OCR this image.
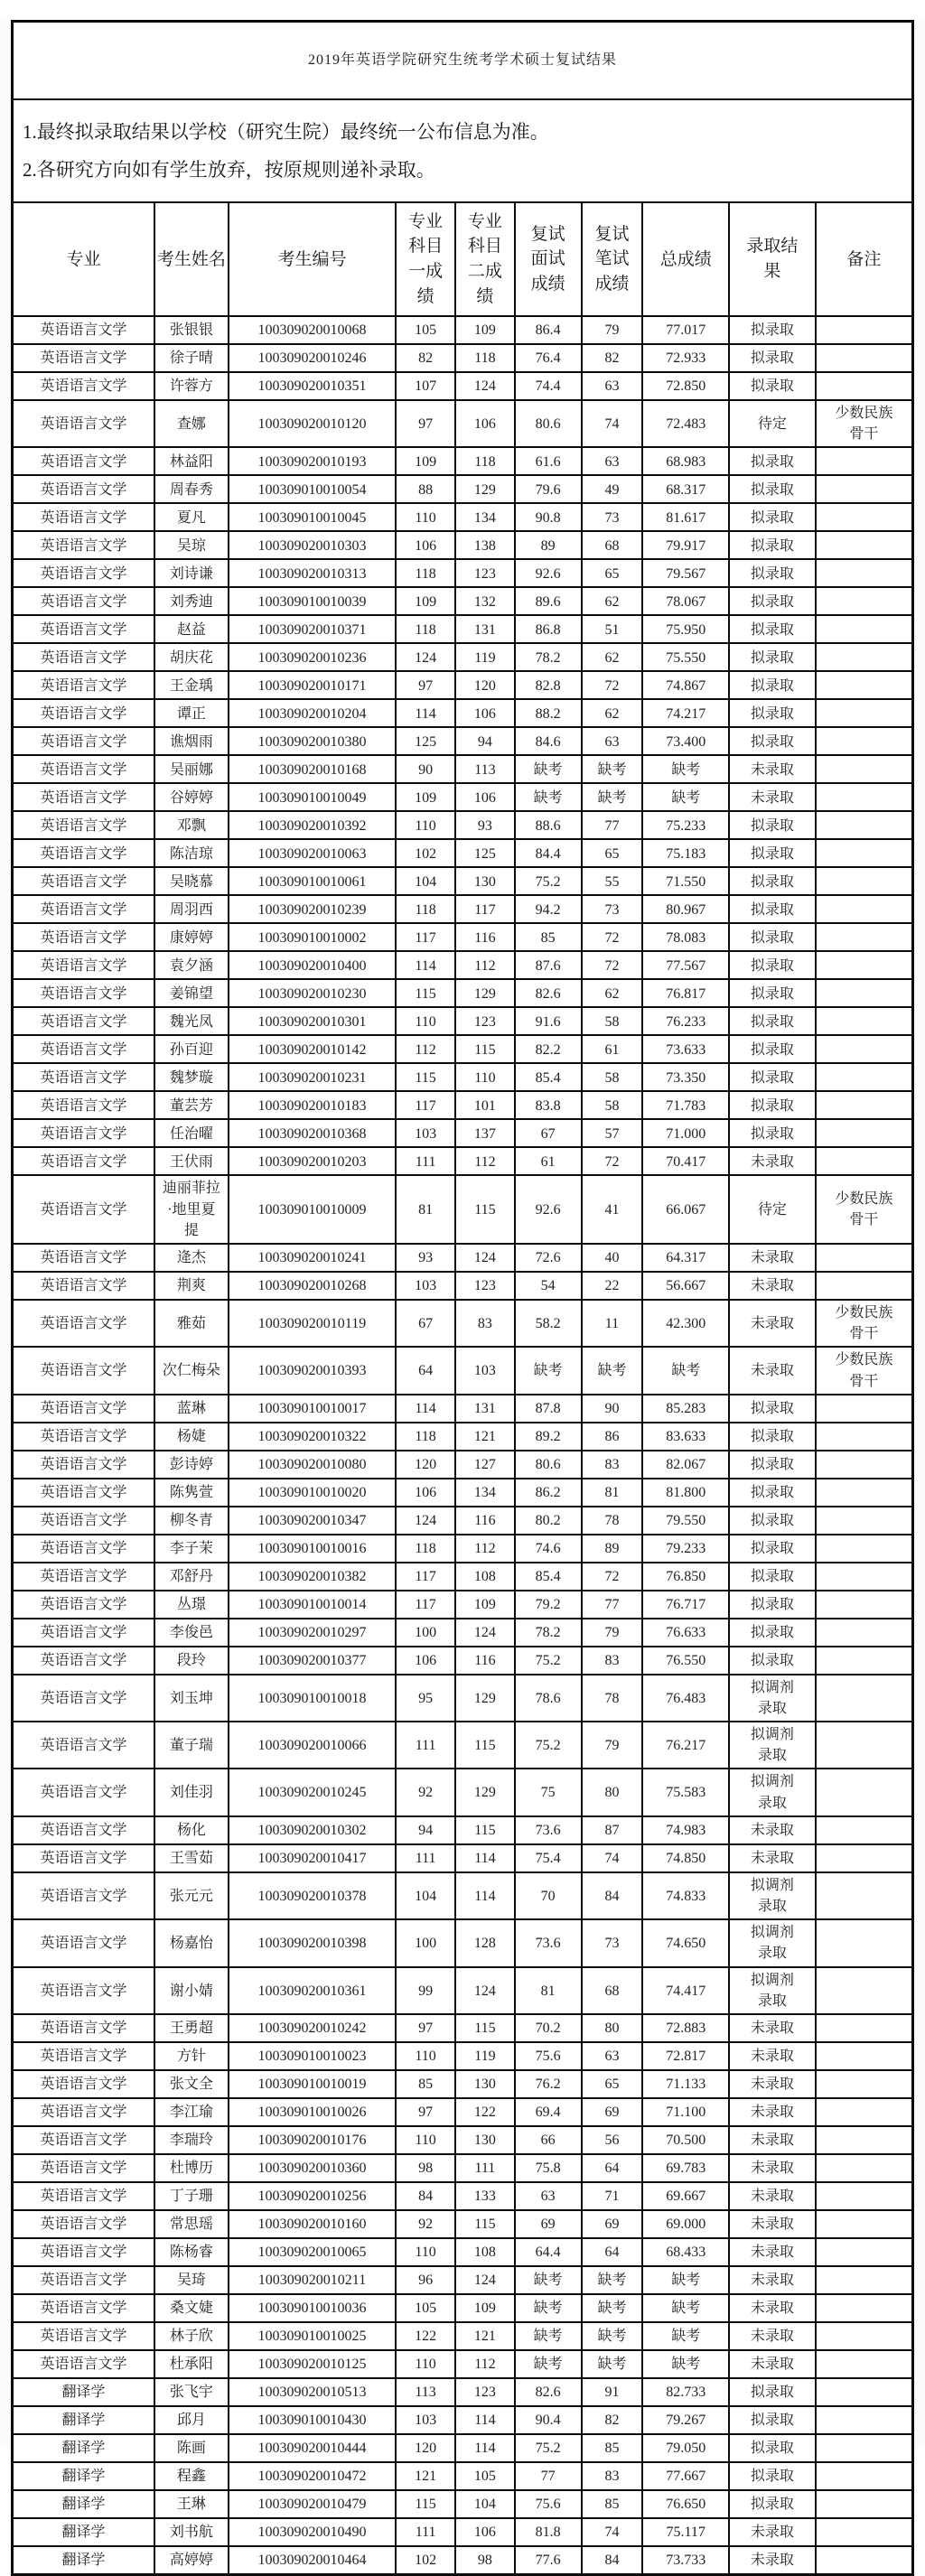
2019年英语学院研究生统考学术硕士复试结果									

1.最终拟录取结果以学校（研究生院）最终统一公布信息为准。
2.各研究方向如有学生放弃，按原规则递补录取。									

专业	考生姓名	考生编号	专业科目一成绩	专业科目二成绩	复试面试成绩	复试笔试成绩	总成绩	录取结果	备注
英语语言文学	张银银	100309020010068	105	109	86.4	79	77.017	拟录取	
英语语言文学	徐子晴	100309020010246	82	118	76.4	82	72.933	拟录取	
英语语言文学	许蓉方	100309020010351	107	124	74.4	63	72.850	拟录取	
英语语言文学	查娜	100309020010120	97	106	80.6	74	72.483	待定	少数民族骨干
英语语言文学	林益阳	100309020010193	109	118	61.6	63	68.983	拟录取	
英语语言文学	周春秀	100309010010054	88	129	79.6	49	68.317	拟录取	
英语语言文学	夏凡	100309010010045	110	134	90.8	73	81.617	拟录取	
英语语言文学	吴琼	100309020010303	106	138	89	68	79.917	拟录取	
英语语言文学	刘诗谦	100309020010313	118	123	92.6	65	79.567	拟录取	
英语语言文学	刘秀迪	100309010010039	109	132	89.6	62	78.067	拟录取	
英语语言文学	赵益	100309020010371	118	131	86.8	51	75.950	拟录取	
英语语言文学	胡庆花	100309020010236	124	119	78.2	62	75.550	拟录取	
英语语言文学	王金瑀	100309020010171	97	120	82.8	72	74.867	拟录取	
英语语言文学	谭正	100309020010204	114	106	88.2	62	74.217	拟录取	
英语语言文学	谯烟雨	100309020010380	125	94	84.6	63	73.400	拟录取	
英语语言文学	吴丽娜	100309020010168	90	113	缺考	缺考	缺考	未录取	
英语语言文学	谷婷婷	100309010010049	109	106	缺考	缺考	缺考	未录取	
英语语言文学	邓飘	100309020010392	110	93	88.6	77	75.233	拟录取	
英语语言文学	陈洁琼	100309020010063	102	125	84.4	65	75.183	拟录取	
英语语言文学	吴晓慕	100309010010061	104	130	75.2	55	71.550	拟录取	
英语语言文学	周羽西	100309020010239	118	117	94.2	73	80.967	拟录取	
英语语言文学	康婷婷	100309010010002	117	116	85	72	78.083	拟录取	
英语语言文学	袁夕涵	100309020010400	114	112	87.6	72	77.567	拟录取	
英语语言文学	姜锦望	100309020010230	115	129	82.6	62	76.817	拟录取	
英语语言文学	魏光凤	100309020010301	110	123	91.6	58	76.233	拟录取	
英语语言文学	孙百迎	100309020010142	112	115	82.2	61	73.633	拟录取	
英语语言文学	魏梦璇	100309020010231	115	110	85.4	58	73.350	拟录取	
英语语言文学	董芸芳	100309020010183	117	101	83.8	58	71.783	拟录取	
英语语言文学	任治曜	100309020010368	103	137	67	57	71.000	拟录取	
英语语言文学	王伏雨	100309020010203	111	112	61	72	70.417	未录取	
英语语言文学	迪丽菲拉·地里夏提	100309010010009	81	115	92.6	41	66.067	待定	少数民族骨干
英语语言文学	逄杰	100309020010241	93	124	72.6	40	64.317	未录取	
英语语言文学	荆爽	100309020010268	103	123	54	22	56.667	未录取	
英语语言文学	雅茹	100309020010119	67	83	58.2	11	42.300	未录取	少数民族骨干
英语语言文学	次仁梅朵	100309020010393	64	103	缺考	缺考	缺考	未录取	少数民族骨干
英语语言文学	蓝琳	100309010010017	114	131	87.8	90	85.283	拟录取	
英语语言文学	杨婕	100309020010322	118	121	89.2	86	83.633	拟录取	
英语语言文学	彭诗婷	100309020010080	120	127	80.6	83	82.067	拟录取	
英语语言文学	陈隽萱	100309010010020	106	134	86.2	81	81.800	拟录取	
英语语言文学	柳冬青	100309020010347	124	116	80.2	78	79.550	拟录取	
英语语言文学	李子茉	100309010010016	118	112	74.6	89	79.233	拟录取	
英语语言文学	邓舒丹	100309020010382	117	108	85.4	72	76.850	拟录取	
英语语言文学	丛璟	100309010010014	117	109	79.2	77	76.717	拟录取	
英语语言文学	李俊邑	100309020010297	100	124	78.2	79	76.633	拟录取	
英语语言文学	段玲	100309020010377	106	116	75.2	83	76.550	拟录取	
英语语言文学	刘玉坤	100309010010018	95	129	78.6	78	76.483	拟调剂录取	
英语语言文学	董子瑞	100309020010066	111	115	75.2	79	76.217	拟调剂录取	
英语语言文学	刘佳羽	100309020010245	92	129	75	80	75.583	拟调剂录取	
英语语言文学	杨化	100309020010302	94	115	73.6	87	74.983	未录取	
英语语言文学	王雪茹	100309020010417	111	114	75.4	74	74.850	未录取	
英语语言文学	张元元	100309020010378	104	114	70	84	74.833	拟调剂录取	
英语语言文学	杨嘉怡	100309020010398	100	128	73.6	73	74.650	拟调剂录取	
英语语言文学	谢小婧	100309020010361	99	124	81	68	74.417	拟调剂录取	
英语语言文学	王勇超	100309020010242	97	115	70.2	80	72.883	未录取	
英语语言文学	方针	100309010010023	110	119	75.6	63	72.817	未录取	
英语语言文学	张文全	100309010010019	85	130	76.2	65	71.133	未录取	
英语语言文学	李江瑜	100309010010026	97	122	69.4	69	71.100	未录取	
英语语言文学	李瑞玲	100309020010176	110	130	66	56	70.500	未录取	
英语语言文学	杜博历	100309020010360	98	111	75.8	64	69.783	未录取	
英语语言文学	丁子珊	100309020010256	84	133	63	71	69.667	未录取	
英语语言文学	常思瑶	100309020010160	92	115	69	69	69.000	未录取	
英语语言文学	陈杨睿	100309020010065	110	108	64.4	64	68.433	未录取	
英语语言文学	吴琦	100309020010211	96	124	缺考	缺考	缺考	未录取	
英语语言文学	桑文婕	100309010010036	105	109	缺考	缺考	缺考	未录取	
英语语言文学	林子欣	100309010010025	122	121	缺考	缺考	缺考	未录取	
英语语言文学	杜承阳	100309020010125	110	112	缺考	缺考	缺考	未录取	
翻译学	张飞宇	100309020010513	113	123	82.6	91	82.733	拟录取	
翻译学	邱月	100309010010430	103	114	90.4	82	79.267	拟录取	
翻译学	陈画	100309020010444	120	114	75.2	85	79.050	拟录取	
翻译学	程鑫	100309020010472	121	105	77	83	77.667	拟录取	
翻译学	王琳	100309020010479	115	104	75.6	85	76.650	拟录取	
翻译学	刘书航	100309020010490	111	106	81.8	74	75.117	未录取	
翻译学	高婷婷	100309020010464	102	98	77.6	84	73.733	未录取	
